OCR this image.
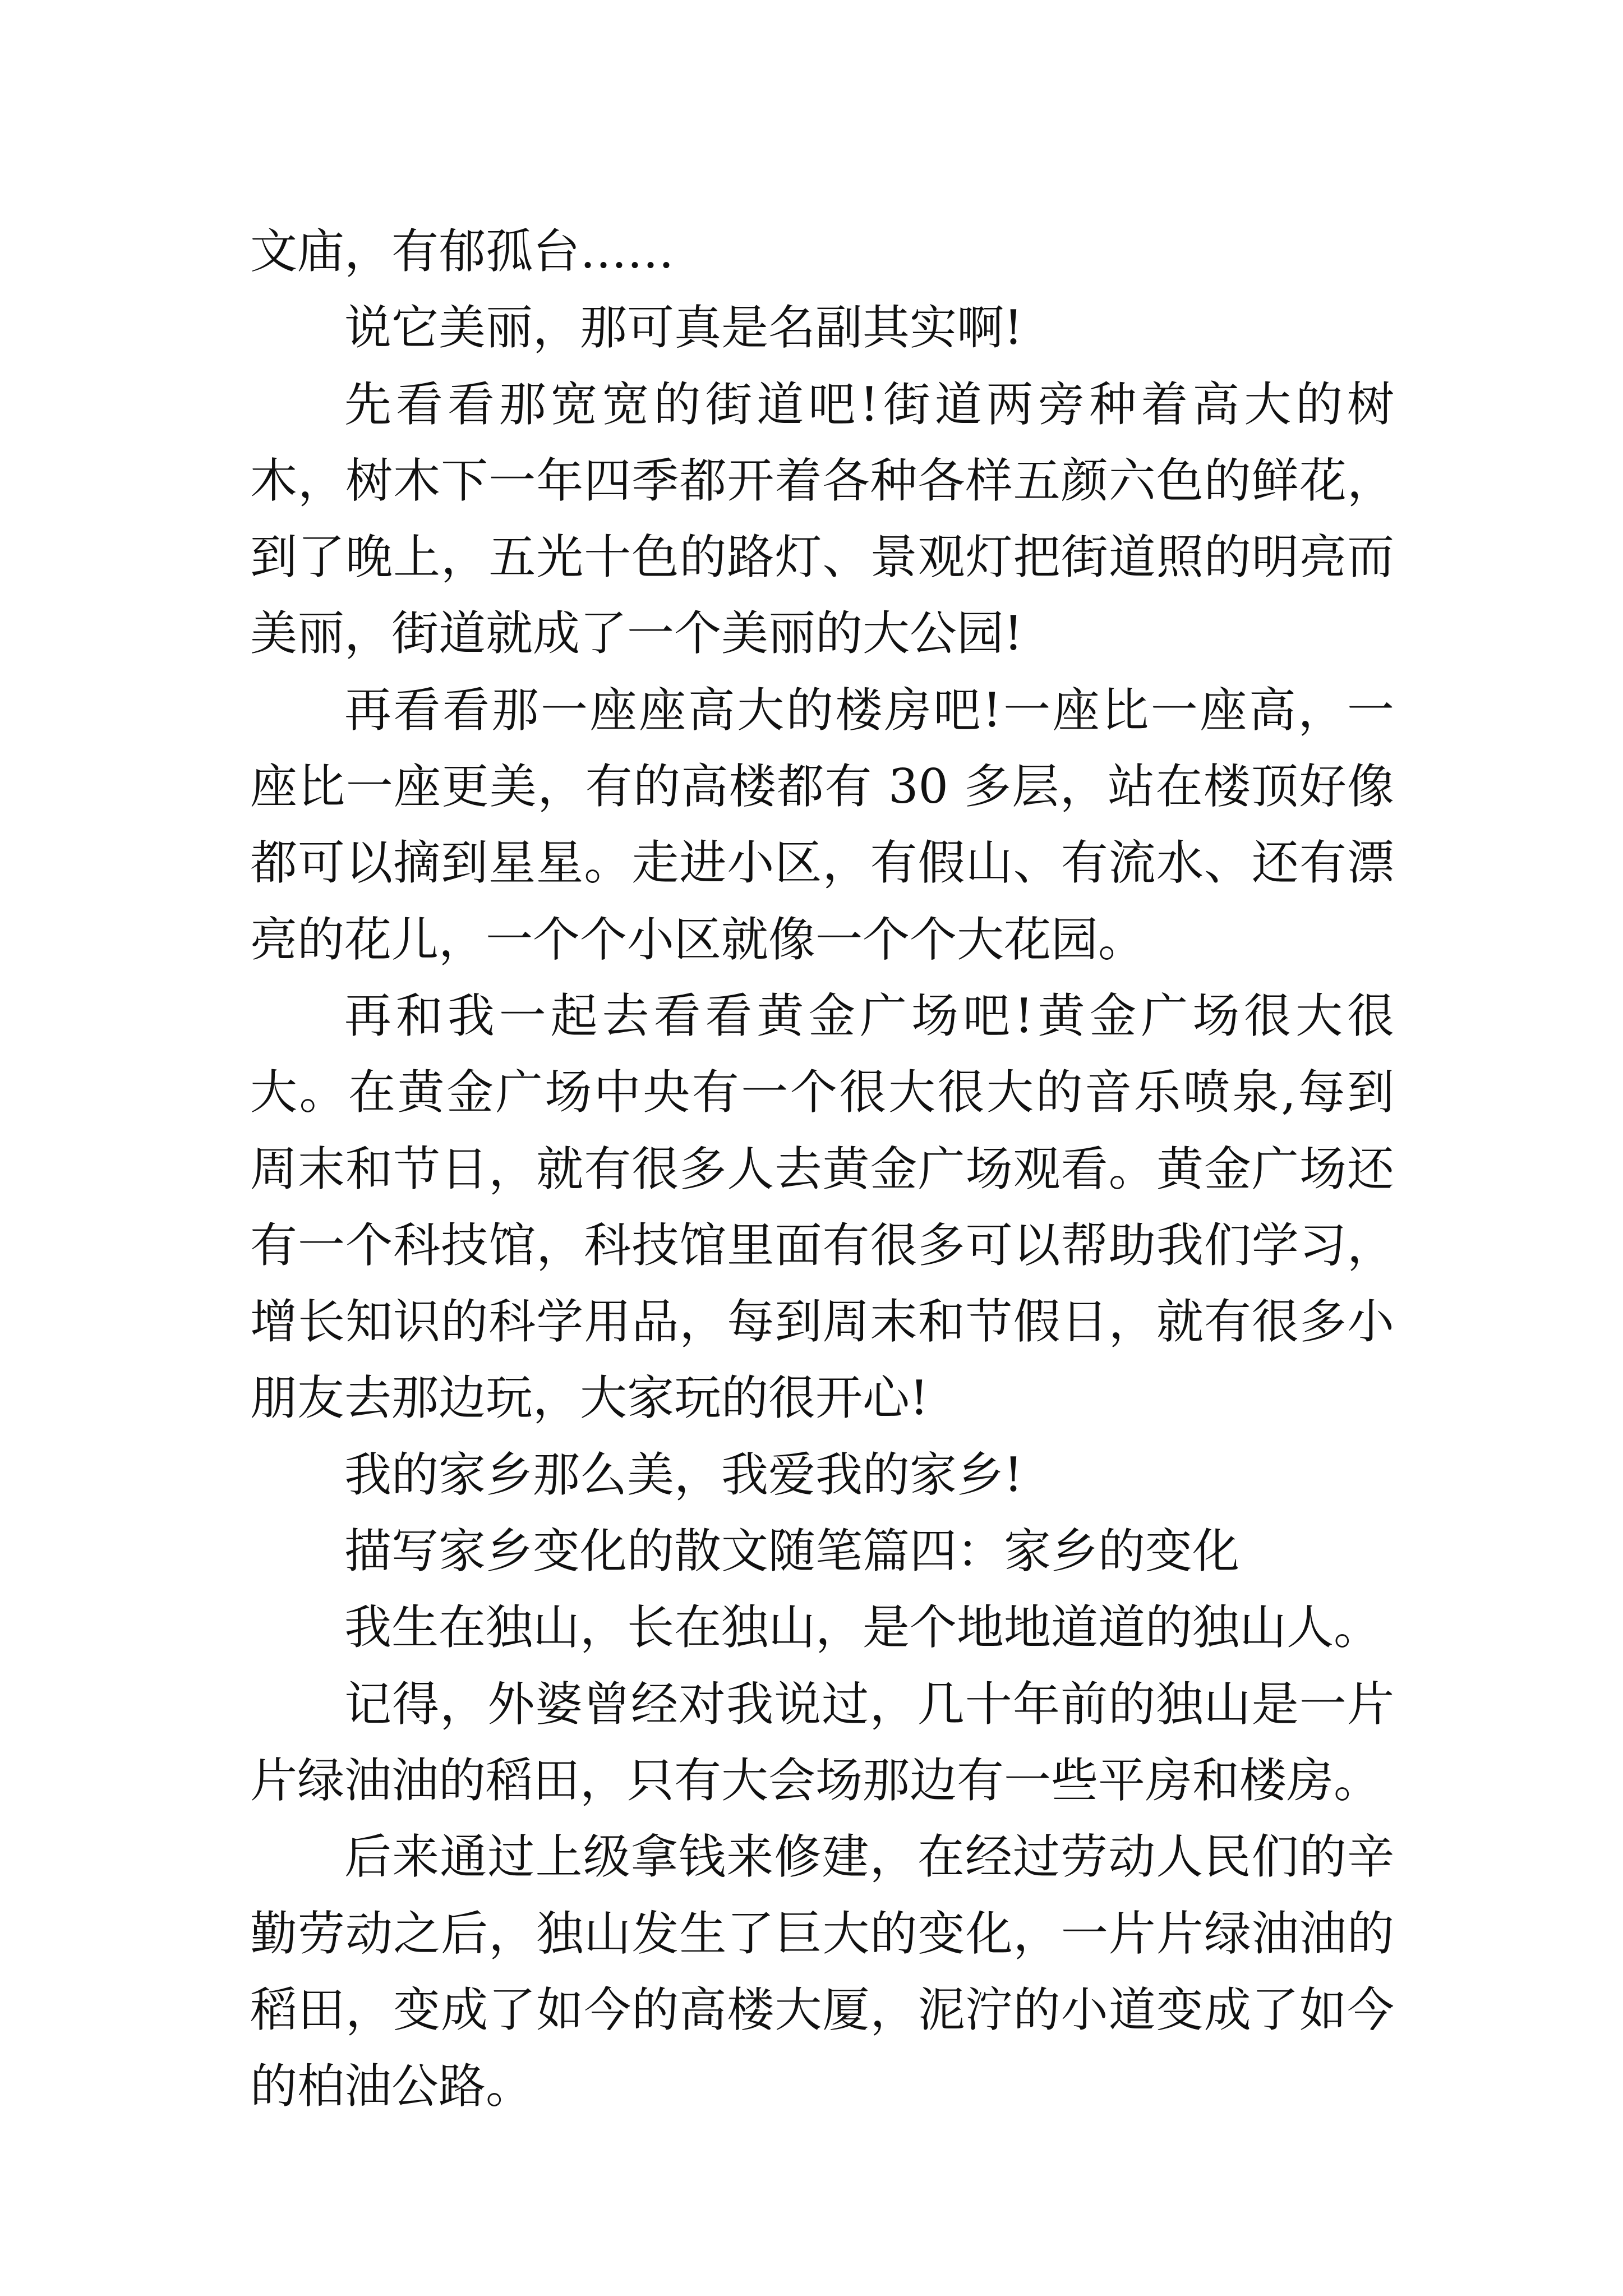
文庙，有郁孤台……

说它美丽，那可真是名副其实啊!

先看看那宽宽的街道吧!街道两旁种着高大的树木，树木下一年四季都开着各种各样五颜六色的鲜花，到了晚上，五光十色的路灯、景观灯把街道照的明亮而美丽，街道就成了一个美丽的大公园!

再看看那一座座高大的楼房吧!一座比一座高，一座比一座更美，有的高楼都有 30 多层，站在楼顶好像都可以摘到星星。走进小区，有假山、有流水、还有漂亮的花儿，一个个小区就像一个个大花园。

再和我一起去看看黄金广场吧!黄金广场很大很大。在黄金广场中央有一个很大很大的音乐喷泉,每到周末和节日，就有很多人去黄金广场观看。黄金广场还有一个科技馆，科技馆里面有很多可以帮助我们学习，增长知识的科学用品，每到周末和节假日，就有很多小朋友去那边玩，大家玩的很开心!

我的家乡那么美，我爱我的家乡!

描写家乡变化的散文随笔篇四：家乡的变化

我生在独山，长在独山，是个地地道道的独山人。

记得，外婆曾经对我说过，几十年前的独山是一片片绿油油的稻田，只有大会场那边有一些平房和楼房。

后来通过上级拿钱来修建，在经过劳动人民们的辛勤劳动之后，独山发生了巨大的变化，一片片绿油油的稻田，变成了如今的高楼大厦，泥泞的小道变成了如今的柏油公路。
